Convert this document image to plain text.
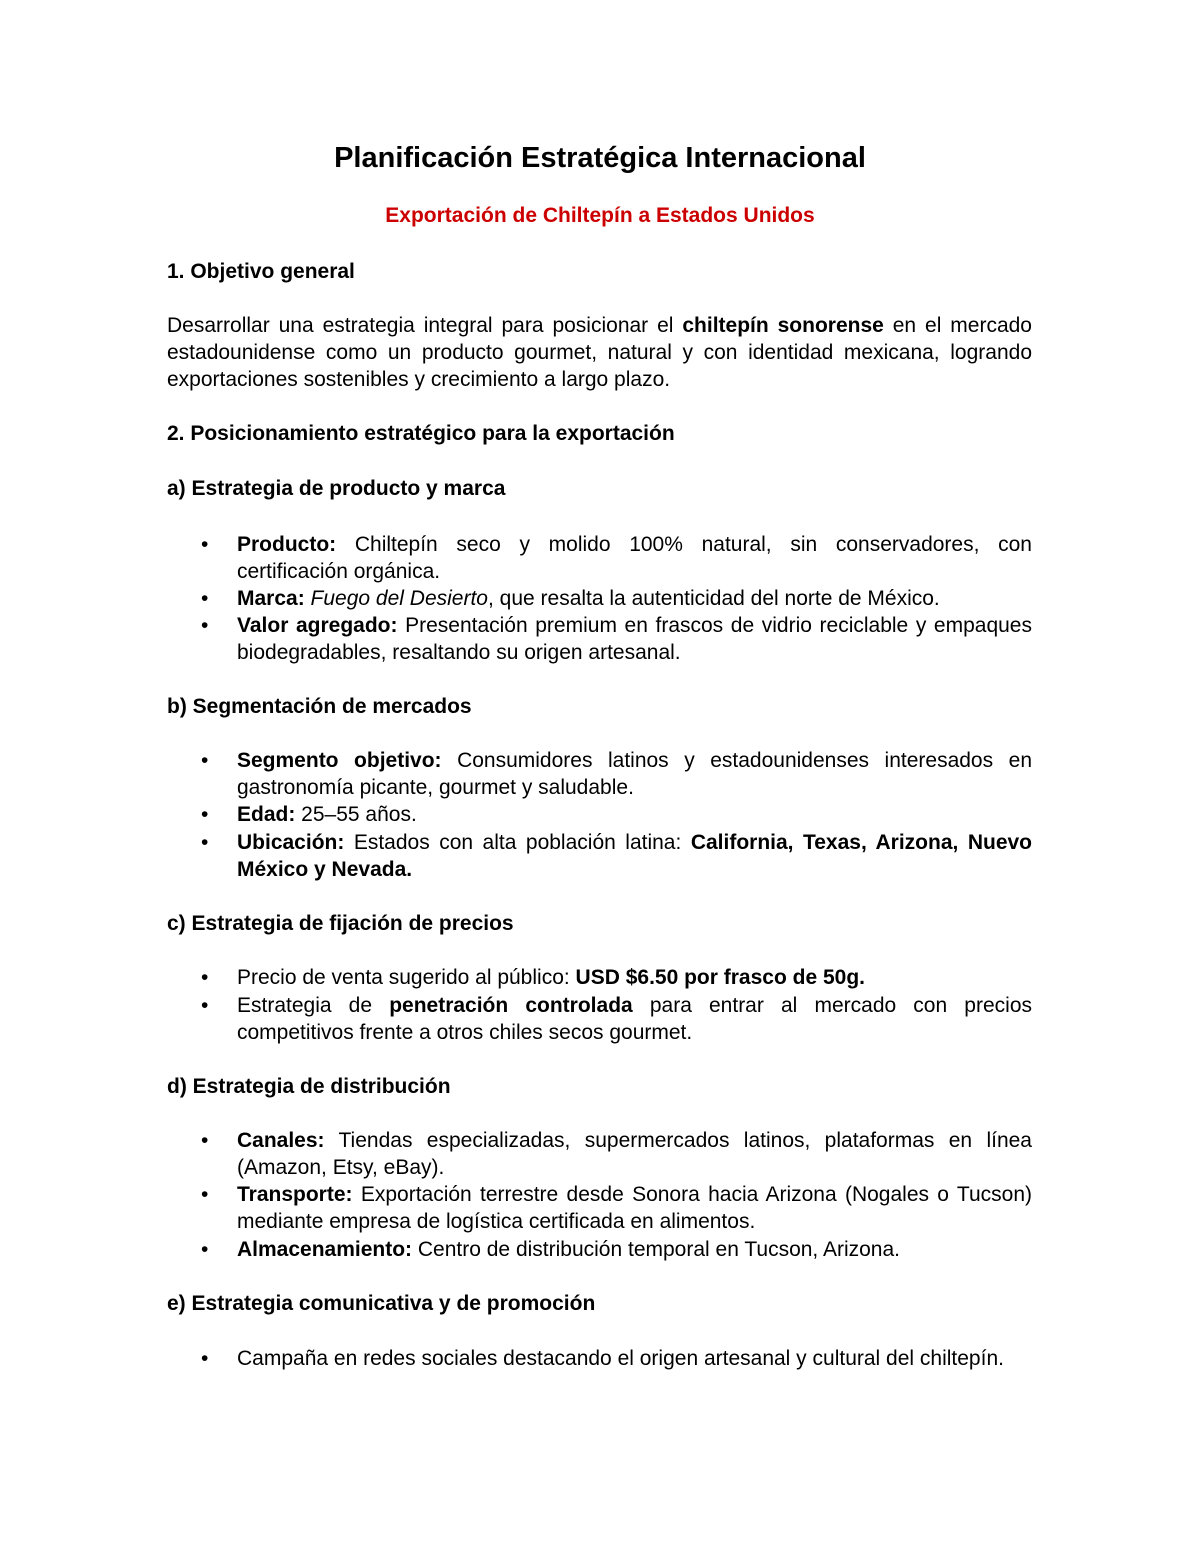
Planificación Estratégica Internacional
Exportación de Chiltepín a Estados Unidos
1. Objetivo general

Desarrollar una estrategia integral para posicionar el chiltepín sonorense en el mercado estadounidense como un producto gourmet, natural y con identidad mexicana, logrando exportaciones sostenibles y crecimiento a largo plazo.

2. Posicionamiento estratégico para la exportación
a) Estrategia de producto y marca
• Producto: Chiltepín seco y molido 100% natural, sin conservadores, con certificación orgánica.
• Marca: Fuego del Desierto, que resalta la autenticidad del norte de México.
• Valor agregado: Presentación premium en frascos de vidrio reciclable y empaques biodegradables, resaltando su origen artesanal.
b) Segmentación de mercados
• Segmento objetivo: Consumidores latinos y estadounidenses interesados en gastronomía picante, gourmet y saludable.
• Edad: 25–55 años.
• Ubicación: Estados con alta población latina: California, Texas, Arizona, Nuevo México y Nevada.
c) Estrategia de fijación de precios
• Precio de venta sugerido al público: USD $6.50 por frasco de 50g.
• Estrategia de penetración controlada para entrar al mercado con precios competitivos frente a otros chiles secos gourmet.
d) Estrategia de distribución
• Canales: Tiendas especializadas, supermercados latinos, plataformas en línea (Amazon, Etsy, eBay).
• Transporte: Exportación terrestre desde Sonora hacia Arizona (Nogales o Tucson) mediante empresa de logística certificada en alimentos.
• Almacenamiento: Centro de distribución temporal en Tucson, Arizona.
e) Estrategia comunicativa y de promoción
• Campaña en redes sociales destacando el origen artesanal y cultural del chiltepín.
